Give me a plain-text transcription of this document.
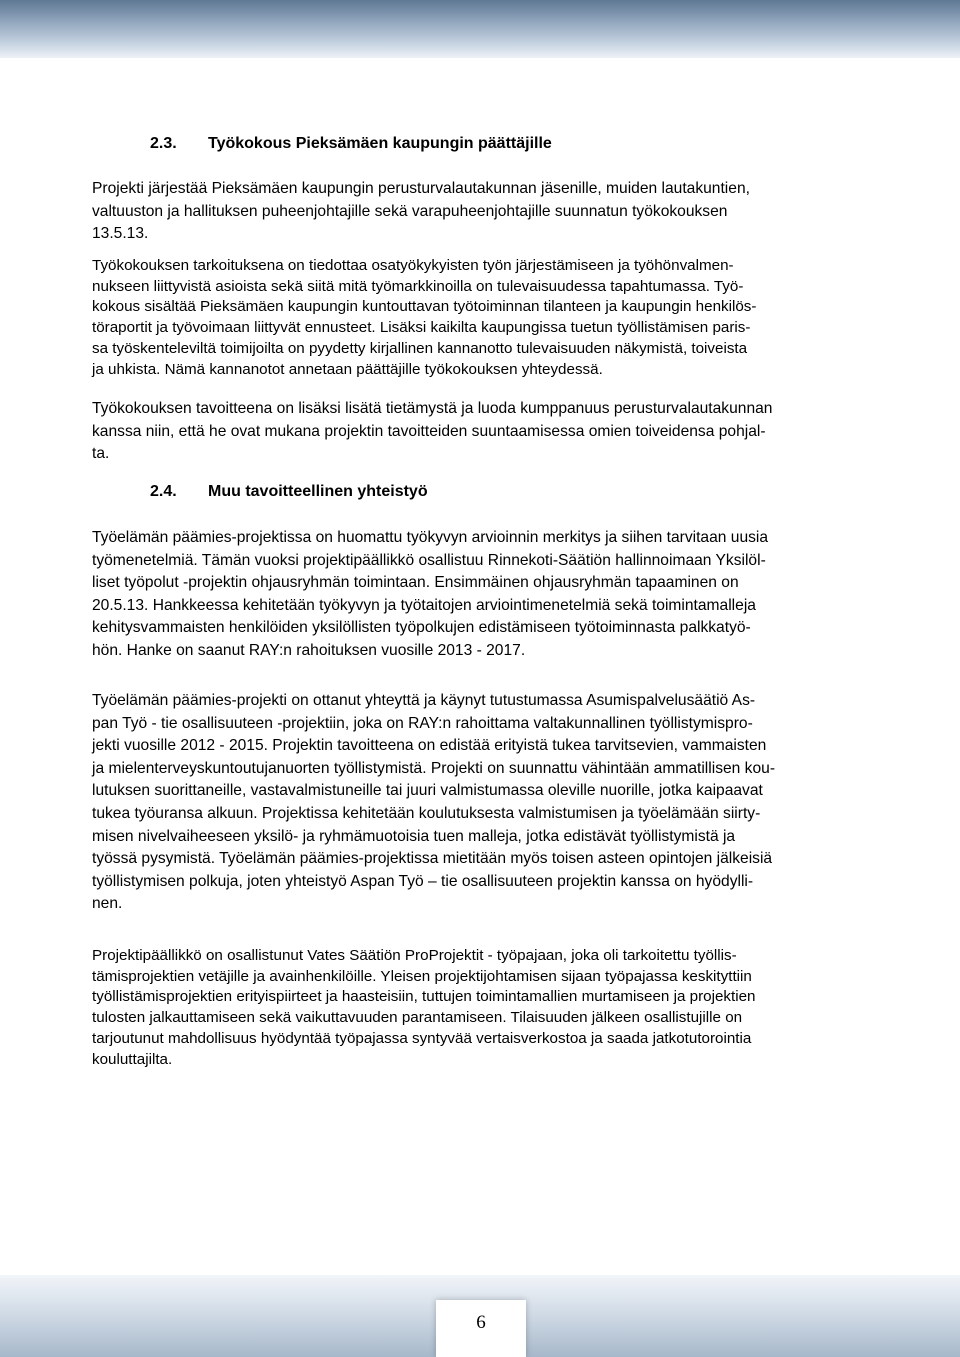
2.3. Työkokous Pieksämäen kaupungin päättäjille
Projekti järjestää Pieksämäen kaupungin perusturvalautakunnan jäsenille, muiden lautakuntien,
valtuuston ja hallituksen puheenjohtajille sekä varapuheenjohtajille suunnatun työkokouksen
13.5.13.
Työkokouksen tarkoituksena on tiedottaa osatyökykyisten työn järjestämiseen ja työhönvalmen-
nukseen liittyvistä asioista sekä siitä mitä työmarkkinoilla on tulevaisuudessa tapahtumassa. Työ-
kokous sisältää Pieksämäen kaupungin kuntouttavan työtoiminnan tilanteen ja kaupungin henkilös-
töraportit ja työvoimaan liittyvät ennusteet. Lisäksi kaikilta kaupungissa tuetun työllistämisen paris-
sa työskenteleviltä toimijoilta on pyydetty kirjallinen kannanotto tulevaisuuden näkymistä, toiveista
ja uhkista. Nämä kannanotot annetaan päättäjille työkokouksen yhteydessä.
Työkokouksen tavoitteena on lisäksi lisätä tietämystä ja luoda kumppanuus perusturvalautakunnan
kanssa niin, että he ovat mukana projektin tavoitteiden suuntaamisessa omien toiveidensa pohjal-
ta.
2.4. Muu tavoitteellinen yhteistyö
Työelämän päämies-projektissa on huomattu työkyvyn arvioinnin merkitys ja siihen tarvitaan uusia
työmenetelmiä. Tämän vuoksi projektipäällikkö osallistuu Rinnekoti-Säätiön hallinnoimaan Yksilöl-
liset työpolut -projektin ohjausryhmän toimintaan. Ensimmäinen ohjausryhmän tapaaminen on
20.5.13. Hankkeessa kehitetään työkyvyn ja työtaitojen arviointimenetelmiä sekä toimintamalleja
kehitysvammaisten henkilöiden yksilöllisten työpolkujen edistämiseen työtoiminnasta palkkatyö-
hön. Hanke on saanut RAY:n rahoituksen vuosille 2013 - 2017.
Työelämän päämies-projekti on ottanut yhteyttä ja käynyt tutustumassa Asumispalvelusäätiö As-
pan Työ - tie osallisuuteen -projektiin, joka on RAY:n rahoittama valtakunnallinen työllistymispro-
jekti vuosille 2012 - 2015. Projektin tavoitteena on edistää erityistä tukea tarvitsevien, vammaisten
ja mielenterveyskuntoutujanuorten työllistymistä. Projekti on suunnattu vähintään ammatillisen kou-
lutuksen suorittaneille, vastavalmistuneille tai juuri valmistumassa oleville nuorille, jotka kaipaavat
tukea työuransa alkuun. Projektissa kehitetään koulutuksesta valmistumisen ja työelämään siirty-
misen nivelvaiheeseen yksilö- ja ryhmämuotoisia tuen malleja, jotka edistävät työllistymistä ja
työssä pysymistä. Työelämän päämies-projektissa mietitään myös toisen asteen opintojen jälkeisiä
työllistymisen polkuja, joten yhteistyö Aspan Työ – tie osallisuuteen projektin kanssa on hyödylli-
nen.
Projektipäällikkö on osallistunut Vates Säätiön ProProjektit - työpajaan, joka oli tarkoitettu työllis-
tämisprojektien vetäjille ja avainhenkilöille. Yleisen projektijohtamisen sijaan työpajassa keskityttiin
työllistämisprojektien erityispiirteet ja haasteisiin, tuttujen toimintamallien murtamiseen ja projektien
tulosten jalkauttamiseen sekä vaikuttavuuden parantamiseen. Tilaisuuden jälkeen osallistujille on
tarjoutunut mahdollisuus hyödyntää työpajassa syntyvää vertaisverkostoa ja saada jatkotutorointia
kouluttajilta.
6
